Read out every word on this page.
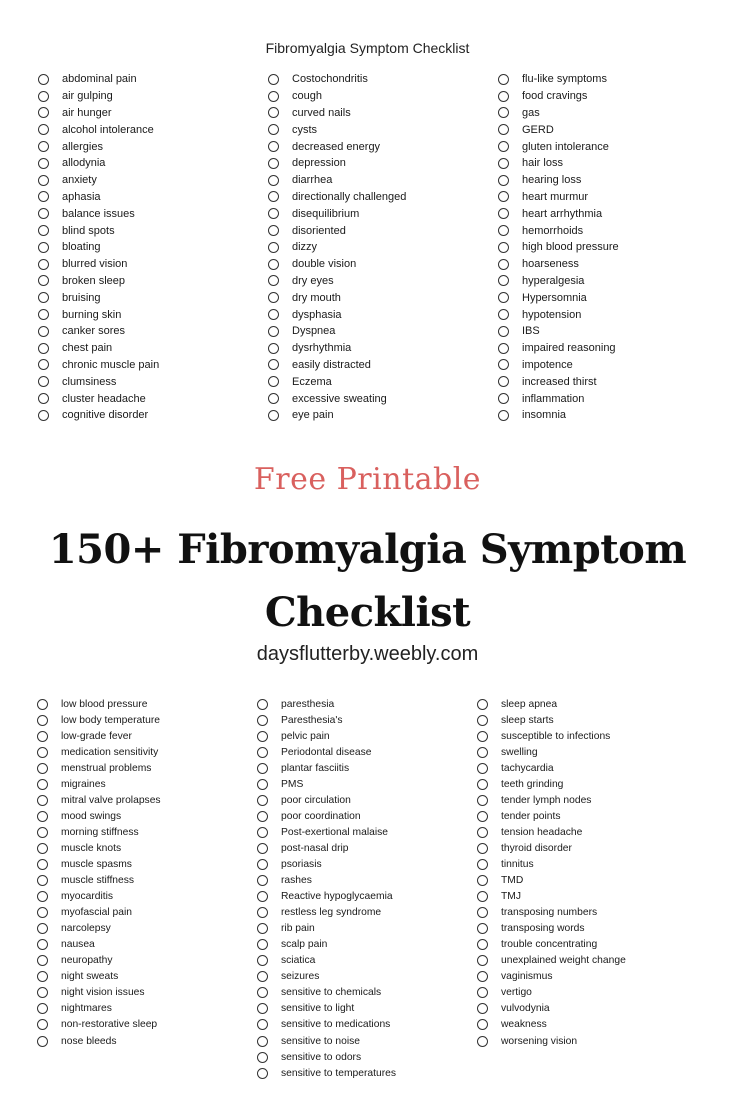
Fibromyalgia Symptom Checklist
abdominal pain
air gulping
air hunger
alcohol intolerance
allergies
allodynia
anxiety
aphasia
balance issues
blind spots
bloating
blurred vision
broken sleep
bruising
burning skin
canker sores
chest pain
chronic muscle pain
clumsiness
cluster headache
cognitive disorder
Costochondritis
cough
curved nails
cysts
decreased energy
depression
diarrhea
directionally challenged
disequilibrium
disoriented
dizzy
double vision
dry eyes
dry mouth
dysphasia
Dyspnea
dysrhythmia
easily distracted
Eczema
excessive sweating
eye pain
flu-like symptoms
food cravings
gas
GERD
gluten intolerance
hair loss
hearing loss
heart murmur
heart arrhythmia
hemorrhoids
high blood pressure
hoarseness
hyperalgesia
Hypersomnia
hypotension
IBS
impaired reasoning
impotence
increased thirst
inflammation
insomnia
Free Printable
150+ Fibromyalgia Symptom
Checklist
daysflutterby.weebly.com
low blood pressure
low body temperature
low-grade fever
medication sensitivity
menstrual problems
migraines
mitral valve prolapses
mood swings
morning stiffness
muscle knots
muscle spasms
muscle stiffness
myocarditis
myofascial pain
narcolepsy
nausea
neuropathy
night sweats
night vision issues
nightmares
non-restorative sleep
nose bleeds
paresthesia
Paresthesia's
pelvic pain
Periodontal disease
plantar fasciitis
PMS
poor circulation
poor coordination
Post-exertional malaise
post-nasal drip
psoriasis
rashes
Reactive hypoglycaemia
restless leg syndrome
rib pain
scalp pain
sciatica
seizures
sensitive to chemicals
sensitive to light
sensitive to medications
sensitive to noise
sensitive to odors
sensitive to temperatures
sleep apnea
sleep starts
susceptible to infections
swelling
tachycardia
teeth grinding
tender lymph nodes
tender points
tension headache
thyroid disorder
tinnitus
TMD
TMJ
transposing numbers
transposing words
trouble concentrating
unexplained weight change
vaginismus
vertigo
vulvodynia
weakness
worsening vision
